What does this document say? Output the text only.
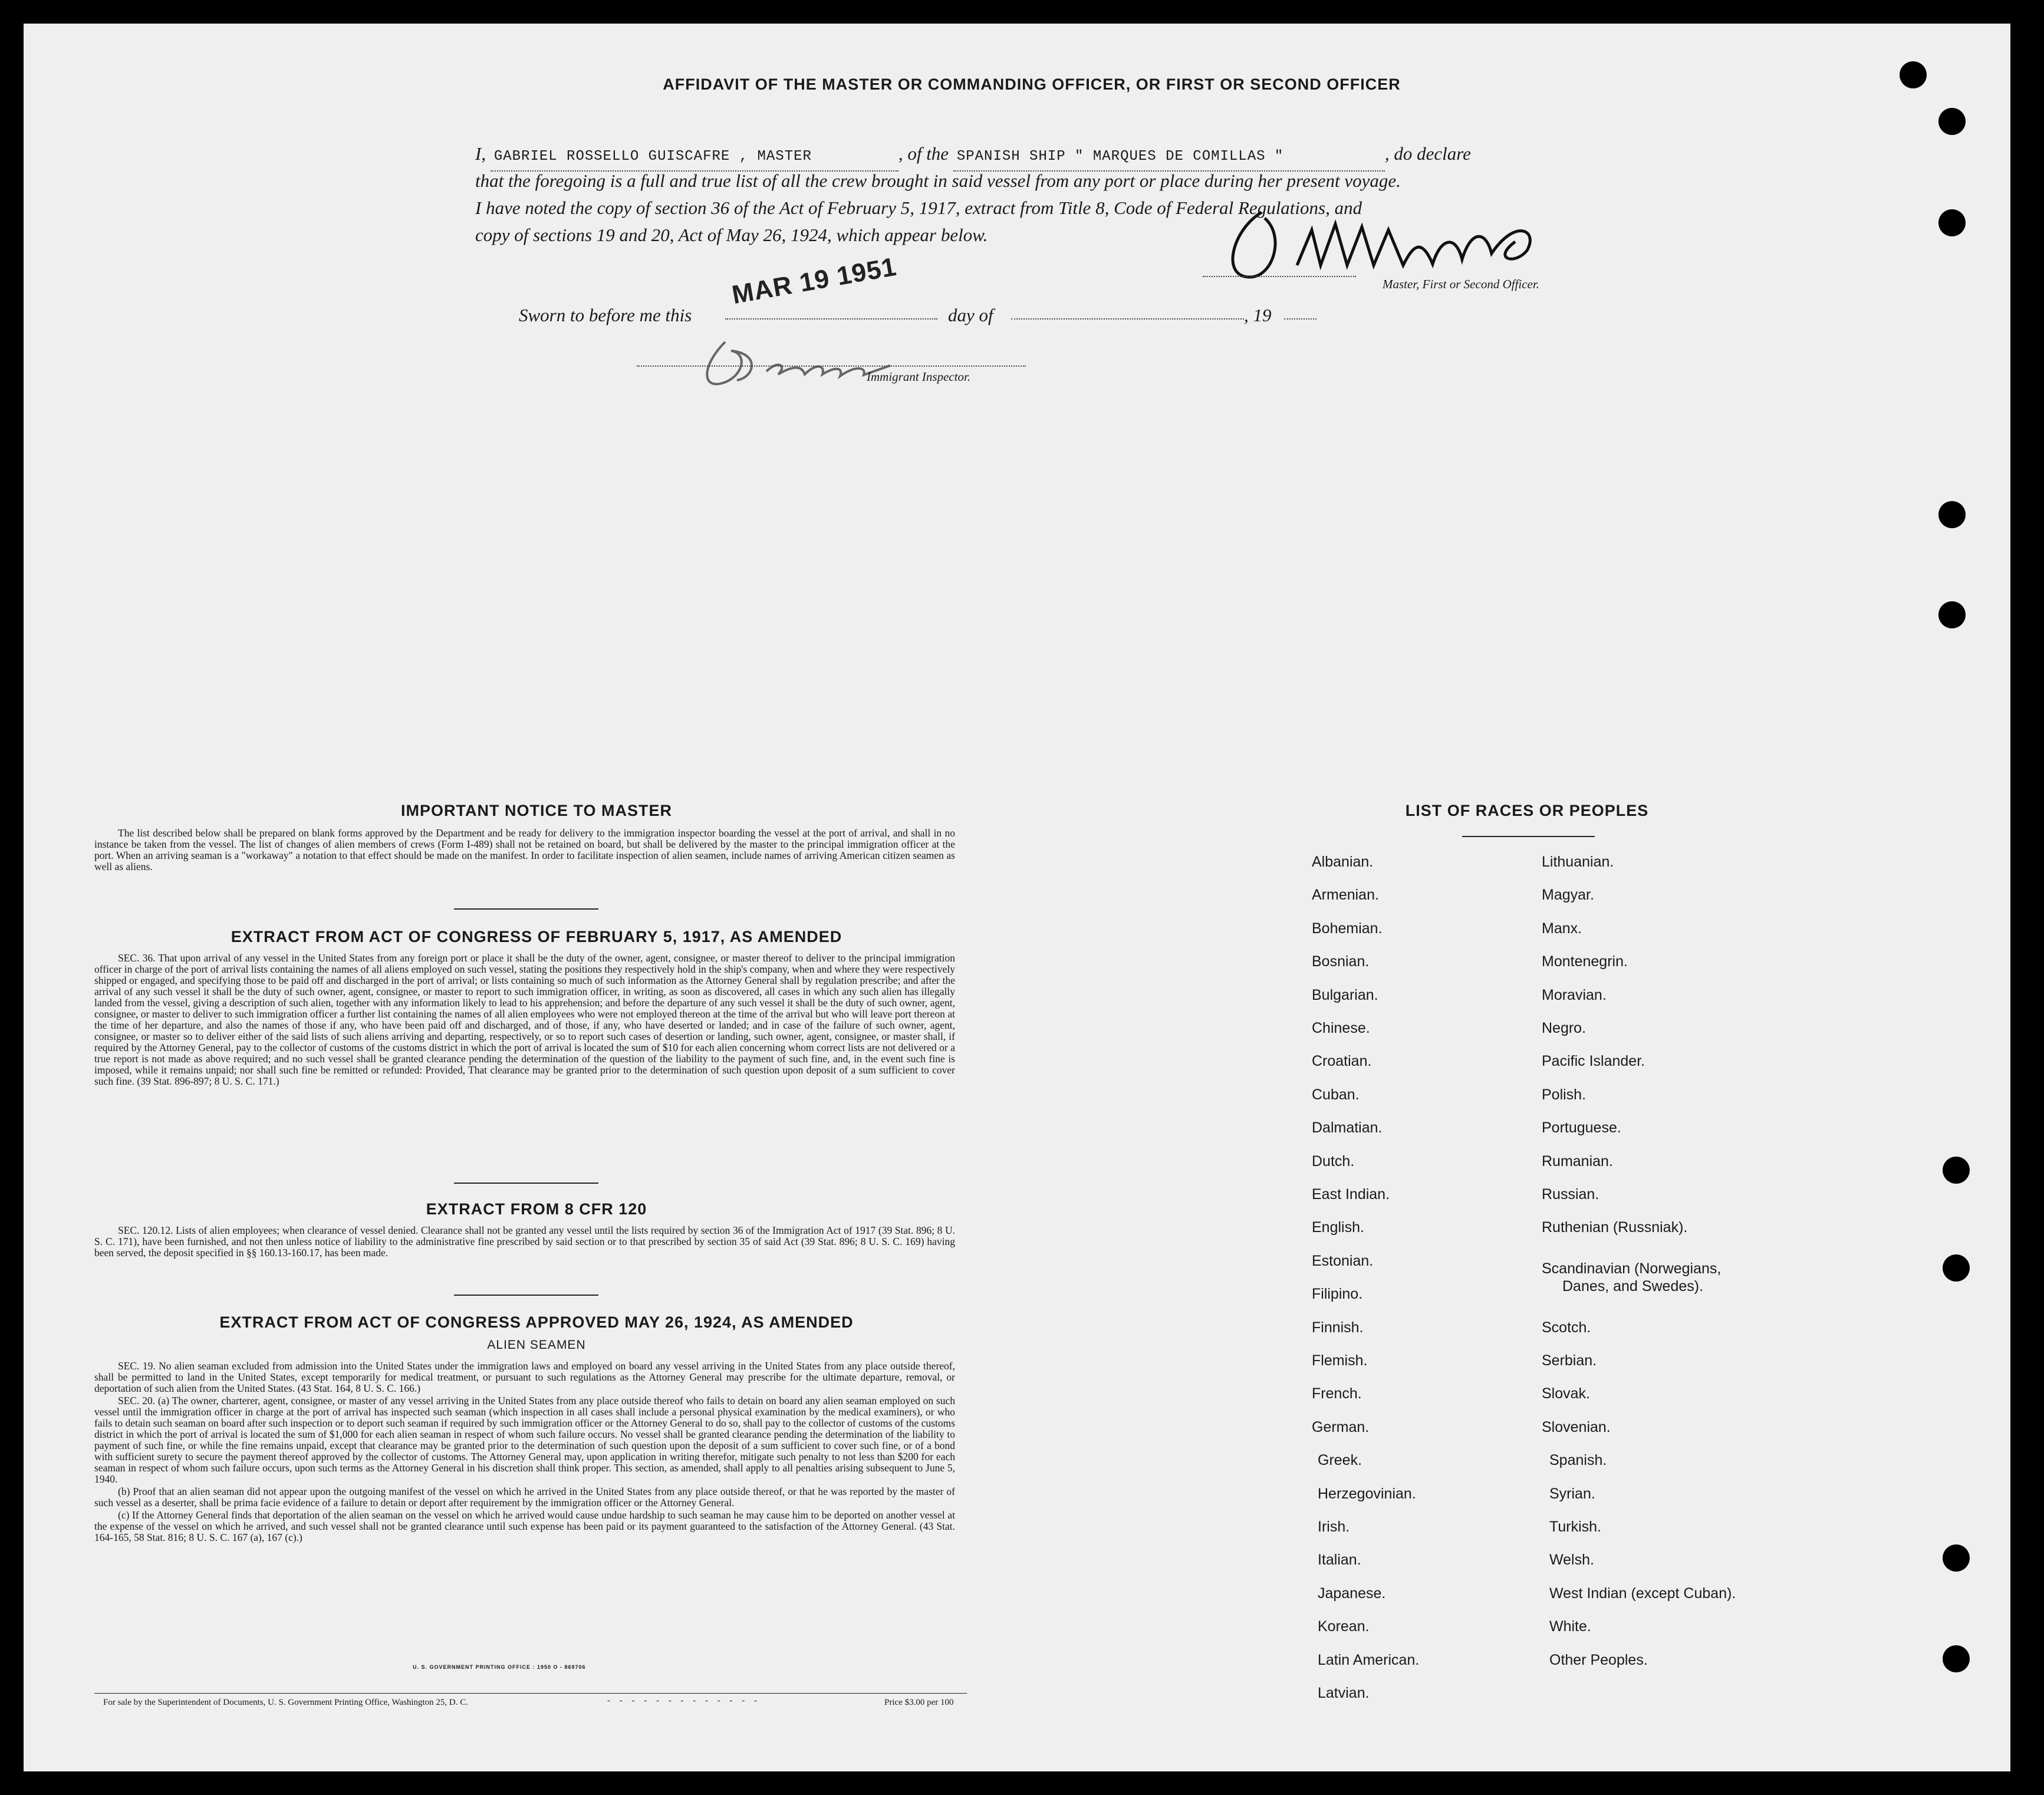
AFFIDAVIT OF THE MASTER OR COMMANDING OFFICER, OR FIRST OR SECOND OFFICER
I, GABRIEL ROSSELLO GUISCAFRE , MASTER	, of the SPANISH SHIP " MARQUES DE COMILLAS "	, do declare
that the foregoing is a full and true list of all the crew brought in said vessel from any port or place during her present voyage.
I have noted the copy of section 36 of the Act of February 5, 1917, extract from Title 8, Code of Federal Regulations, and
copy of sections 19 and 20, Act of May 26, 1924, which appear below.
Master, First or Second Officer.
Sworn to before me this
MAR 19 1951
day of	, 19
Immigrant Inspector.
IMPORTANT NOTICE TO MASTER

The list described below shall be prepared on blank forms approved by the Department and be ready for delivery to the immigration inspector boarding the vessel at the port of arrival, and shall in no instance be taken from the vessel. The list of changes of alien members of crews (Form I-489) shall not be retained on board, but shall be delivered by the master to the principal immigration officer at the port. When an arriving seaman is a "workaway" a notation to that effect should be made on the manifest. In order to facilitate inspection of alien seamen, include names of arriving American citizen seamen as well as aliens.

EXTRACT FROM ACT OF CONGRESS OF FEBRUARY 5, 1917, AS AMENDED

SEC. 36. That upon arrival of any vessel in the United States from any foreign port or place it shall be the duty of the owner, agent, consignee, or master thereof to deliver to the principal immigration officer in charge of the port of arrival lists containing the names of all aliens employed on such vessel, stating the positions they respectively hold in the ship's company, when and where they were respectively shipped or engaged, and specifying those to be paid off and discharged in the port of arrival; or lists containing so much of such information as the Attorney General shall by regulation prescribe; and after the arrival of any such vessel it shall be the duty of such owner, agent, consignee, or master to report to such immigration officer, in writing, as soon as discovered, all cases in which any such alien has illegally landed from the vessel, giving a description of such alien, together with any information likely to lead to his apprehension; and before the departure of any such vessel it shall be the duty of such owner, agent, consignee, or master to deliver to such immigration officer a further list containing the names of all alien employees who were not employed thereon at the time of the arrival but who will leave port thereon at the time of her departure, and also the names of those if any, who have been paid off and discharged, and of those, if any, who have deserted or landed; and in case of the failure of such owner, agent, consignee, or master so to deliver either of the said lists of such aliens arriving and departing, respectively, or so to report such cases of desertion or landing, such owner, agent, consignee, or master shall, if required by the Attorney General, pay to the collector of customs of the customs district in which the port of arrival is located the sum of $10 for each alien concerning whom correct lists are not delivered or a true report is not made as above required; and no such vessel shall be granted clearance pending the determination of the question of the liability to the payment of such fine, and, in the event such fine is imposed, while it remains unpaid; nor shall such fine be remitted or refunded: Provided, That clearance may be granted prior to the determination of such question upon deposit of a sum sufficient to cover such fine. (39 Stat. 896-897; 8 U. S. C. 171.)

EXTRACT FROM 8 CFR 120

SEC. 120.12. Lists of alien employees; when clearance of vessel denied. Clearance shall not be granted any vessel until the lists required by section 36 of the Immigration Act of 1917 (39 Stat. 896; 8 U. S. C. 171), have been furnished, and not then unless notice of liability to the administrative fine prescribed by said section or to that prescribed by section 35 of said Act (39 Stat. 896; 8 U. S. C. 169) having been served, the deposit specified in §§ 160.13-160.17, has been made.

EXTRACT FROM ACT OF CONGRESS APPROVED MAY 26, 1924, AS AMENDED
ALIEN SEAMEN

SEC. 19. No alien seaman excluded from admission into the United States under the immigration laws and employed on board any vessel arriving in the United States from any place outside thereof, shall be permitted to land in the United States, except temporarily for medical treatment, or pursuant to such regulations as the Attorney General may prescribe for the ultimate departure, removal, or deportation of such alien from the United States. (43 Stat. 164, 8 U. S. C. 166.)

SEC. 20. (a) The owner, charterer, agent, consignee, or master of any vessel arriving in the United States from any place outside thereof who fails to detain on board any alien seaman employed on such vessel until the immigration officer in charge at the port of arrival has inspected such seaman (which inspection in all cases shall include a personal physical examination by the medical examiners), or who fails to detain such seaman on board after such inspection or to deport such seaman if required by such immigration officer or the Attorney General to do so, shall pay to the collector of customs of the customs district in which the port of arrival is located the sum of $1,000 for each alien seaman in respect of whom such failure occurs. No vessel shall be granted clearance pending the determination of the liability to payment of such fine, or while the fine remains unpaid, except that clearance may be granted prior to the determination of such question upon the deposit of a sum sufficient to cover such fine, or of a bond with sufficient surety to secure the payment thereof approved by the collector of customs. The Attorney General may, upon application in writing therefor, mitigate such penalty to not less than $200 for each seaman in respect of whom such failure occurs, upon such terms as the Attorney General in his discretion shall think proper. This section, as amended, shall apply to all penalties arising subsequent to June 5, 1940.

(b) Proof that an alien seaman did not appear upon the outgoing manifest of the vessel on which he arrived in the United States from any place outside thereof, or that he was reported by the master of such vessel as a deserter, shall be prima facie evidence of a failure to detain or deport after requirement by the immigration officer or the Attorney General.

(c) If the Attorney General finds that deportation of the alien seaman on the vessel on which he arrived would cause undue hardship to such seaman he may cause him to be deported on another vessel at the expense of the vessel on which he arrived, and such vessel shall not be granted clearance until such expense has been paid or its payment guaranteed to the satisfaction of the Attorney General. (43 Stat. 164-165, 58 Stat. 816; 8 U. S. C. 167 (a), 167 (c).)

U. S. GOVERNMENT PRINTING OFFICE : 1950 O - 869706
For sale by the Superintendent of Documents, U. S. Government Printing Office, Washington 25, D. C.	- - - - - - - - - - - - -	Price $3.00 per 100
LIST OF RACES OR PEOPLES
Albanian.
Armenian.
Bohemian.
Bosnian.
Bulgarian.
Chinese.
Croatian.
Cuban.
Dalmatian.
Dutch.
East Indian.
English.
Estonian.
Filipino.
Finnish.
Flemish.
French.
German.
Greek.
Herzegovinian.
Irish.
Italian.
Japanese.
Korean.
Latin American.
Latvian.
Lithuanian.
Magyar.
Manx.
Montenegrin.
Moravian.
Negro.
Pacific Islander.
Polish.
Portuguese.
Rumanian.
Russian.
Ruthenian (Russniak).
Scandinavian (Norwegians,
Danes, and Swedes).
Scotch.
Serbian.
Slovak.
Slovenian.
Spanish.
Syrian.
Turkish.
Welsh.
West Indian (except Cuban).
White.
Other Peoples.
